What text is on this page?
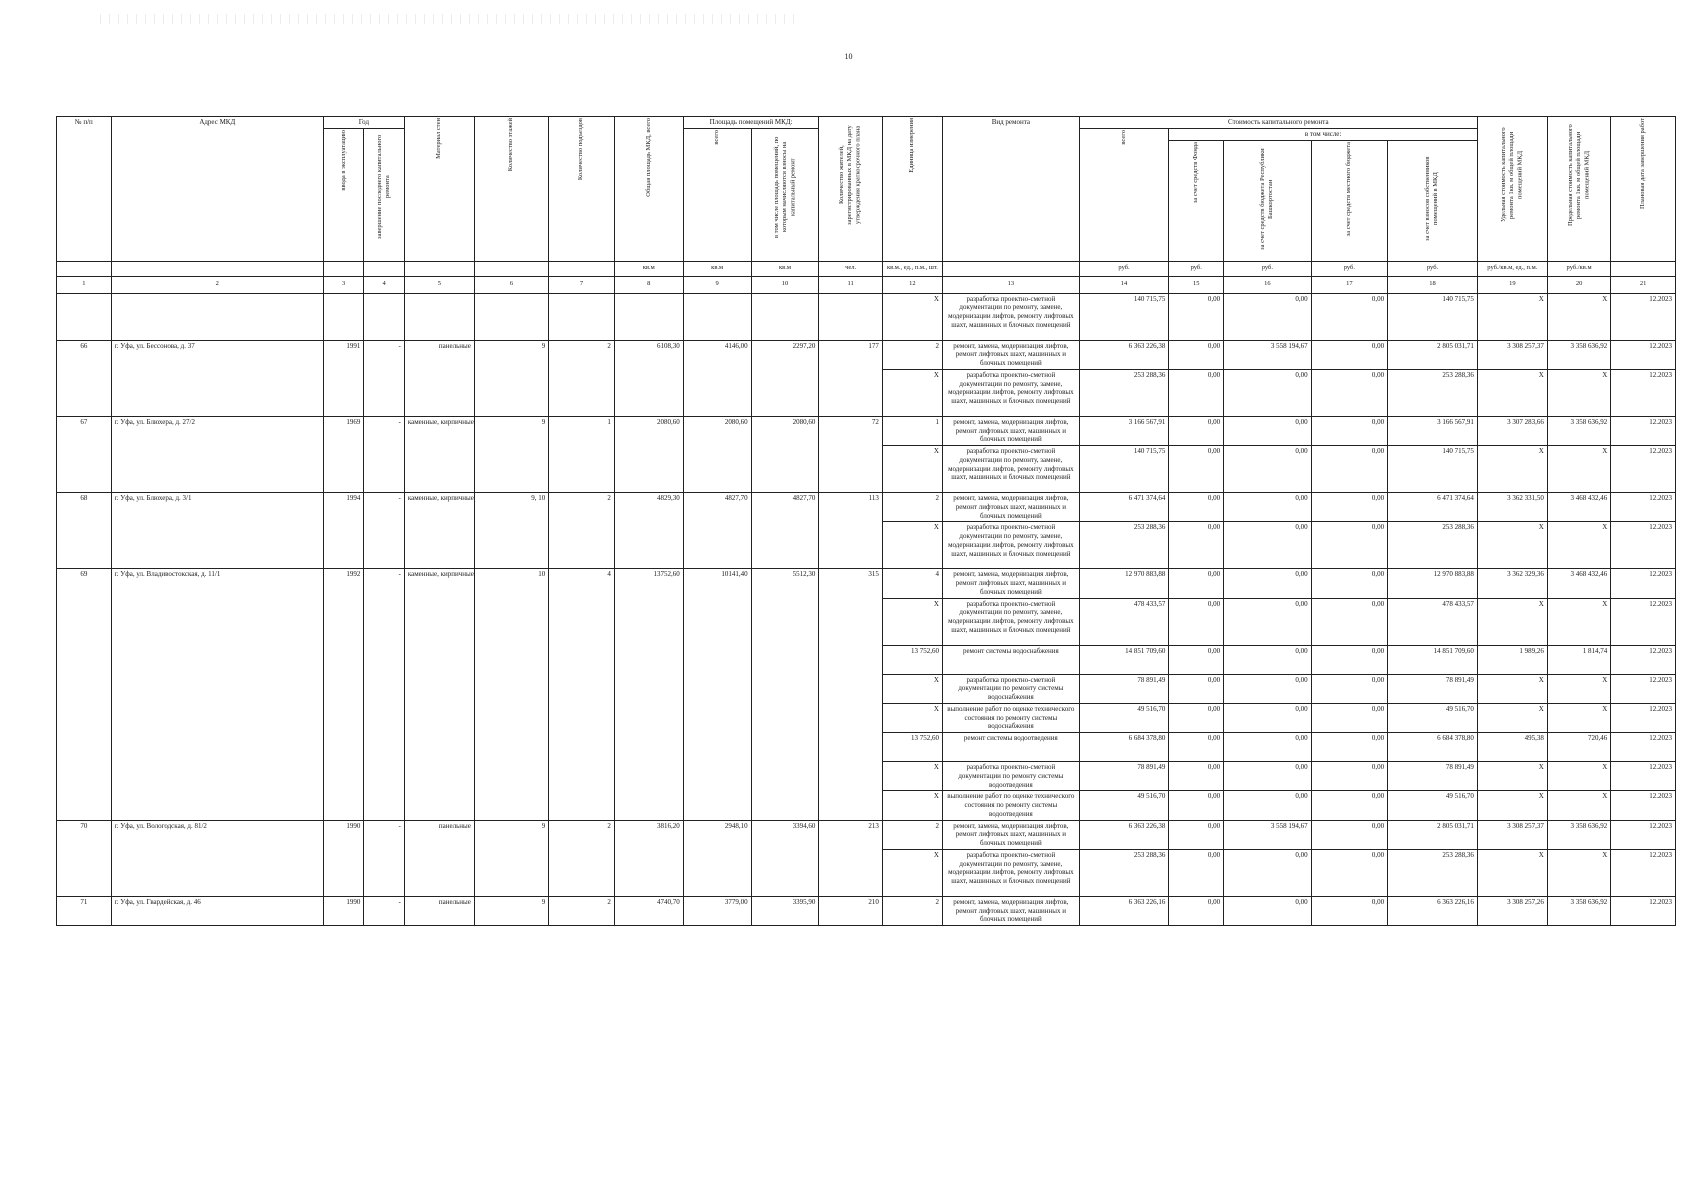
10
№ п/п	Адрес МКД	Год		Материал стен	Количество этажей	Количество подъездов	Общая площадь МКД, всего	Площадь помещений МКД:		Количество жителей, зарегистрированных в МКД на дату утверждения краткосрочного плана	Единица измерения	Вид ремонта	Стоимость капитального ремонта					Удельная стоимость капитального ремонта 1кв. м общей площади помещений МКД	Предельная стоимость капитального ремонта 1кв. м общей площади помещений МКД	Плановая дата завершения работ

		ввода в эксплуатацию	завершение последнего капитального ремонта					всего	в том числе площадь помещений, по которым начисляются взносы на капитальный ремонт				всего	в том числе:						

														за счет средств Фонда	за счет средств бюджета Республики Башкортостан	за счет средств местного бюджета	за счет взносов собственников помещений в МКД			

							кв.м	кв.м	кв.м	чел.	кв.м., ед., п.м., шт.		руб.	руб.	руб.	руб.	руб.	руб./кв.м, ед., п.м.	руб./кв.м	
1	2	3	4	5	6	7	8	9	10	11	12	13	14	15	16	17	18	19	20	21
											X	разработка проектно-сметной документации по ремонту, замене, модернизации лифтов, ремонту лифтовых шахт, машинных и блочных помещений	140 715,75	0,00	0,00	0,00	140 715,75	X	X	12.2023
66	г. Уфа, ул. Бессонова, д. 37	1991	-	панельные	9	2	6108,30	4146,00	2297,20	177	2	ремонт, замена, модернизация лифтов, ремонт лифтовых шахт, машинных и блочных помещений	6 363 226,38	0,00	3 558 194,67	0,00	2 805 031,71	3 308 257,37	3 358 636,92	12.2023
											X	разработка проектно-сметной документации по ремонту, замене, модернизации лифтов, ремонту лифтовых шахт, машинных и блочных помещений	253 288,36	0,00	0,00	0,00	253 288,36	X	X	12.2023
67	г. Уфа, ул. Блюхера, д. 27/2	1969	-	каменные, кирпичные	9	1	2080,60	2080,60	2080,60	72	1	ремонт, замена, модернизация лифтов, ремонт лифтовых шахт, машинных и блочных помещений	3 166 567,91	0,00	0,00	0,00	3 166 567,91	3 307 283,66	3 358 636,92	12.2023
											X	разработка проектно-сметной документации по ремонту, замене, модернизации лифтов, ремонту лифтовых шахт, машинных и блочных помещений	140 715,75	0,00	0,00	0,00	140 715,75	X	X	12.2023
68	г. Уфа, ул. Блюхера, д. 3/1	1994	-	каменные, кирпичные	9, 10	2	4829,30	4827,70	4827,70	113	2	ремонт, замена, модернизация лифтов, ремонт лифтовых шахт, машинных и блочных помещений	6 471 374,64	0,00	0,00	0,00	6 471 374,64	3 362 331,50	3 468 432,46	12.2023
											X	разработка проектно-сметной документации по ремонту, замене, модернизации лифтов, ремонту лифтовых шахт, машинных и блочных помещений	253 288,36	0,00	0,00	0,00	253 288,36	X	X	12.2023
69	г. Уфа, ул. Владивостокская, д. 11/1	1992	-	каменные, кирпичные	10	4	13752,60	10141,40	5512,30	315	4	ремонт, замена, модернизация лифтов, ремонт лифтовых шахт, машинных и блочных помещений	12 970 883,88	0,00	0,00	0,00	12 970 883,88	3 362 329,36	3 468 432,46	12.2023
											X	разработка проектно-сметной документации по ремонту, замене, модернизации лифтов, ремонту лифтовых шахт, машинных и блочных помещений	478 433,57	0,00	0,00	0,00	478 433,57	X	X	12.2023
											13 752,60	ремонт системы водоснабжения	14 851 709,60	0,00	0,00	0,00	14 851 709,60	1 989,26	1 814,74	12.2023
											X	разработка проектно-сметной документации по ремонту системы водоснабжения	78 891,49	0,00	0,00	0,00	78 891,49	X	X	12.2023
											X	выполнение работ по оценке технического состояния по ремонту системы водоснабжения	49 516,70	0,00	0,00	0,00	49 516,70	X	X	12.2023
											13 752,60	ремонт системы водоотведения	6 684 378,80	0,00	0,00	0,00	6 684 378,80	495,38	720,46	12.2023
											X	разработка проектно-сметной документации по ремонту системы водоотведения	78 891,49	0,00	0,00	0,00	78 891,49	X	X	12.2023
											X	выполнение работ по оценке технического состояния по ремонту системы водоотведения	49 516,70	0,00	0,00	0,00	49 516,70	X	X	12.2023
70	г. Уфа, ул. Вологодская, д. 81/2	1990	-	панельные	9	2	3816,20	2948,10	3394,60	213	2	ремонт, замена, модернизация лифтов, ремонт лифтовых шахт, машинных и блочных помещений	6 363 226,38	0,00	3 558 194,67	0,00	2 805 031,71	3 308 257,37	3 358 636,92	12.2023
											X	разработка проектно-сметной документации по ремонту, замене, модернизации лифтов, ремонту лифтовых шахт, машинных и блочных помещений	253 288,36	0,00	0,00	0,00	253 288,36	X	X	12.2023
71	г. Уфа, ул. Гвардейская, д. 46	1990	-	панельные	9	2	4740,70	3779,00	3395,90	210	2	ремонт, замена, модернизация лифтов, ремонт лифтовых шахт, машинных и блочных помещений	6 363 226,16	0,00	0,00	0,00	6 363 226,16	3 308 257,26	3 358 636,92	12.2023
